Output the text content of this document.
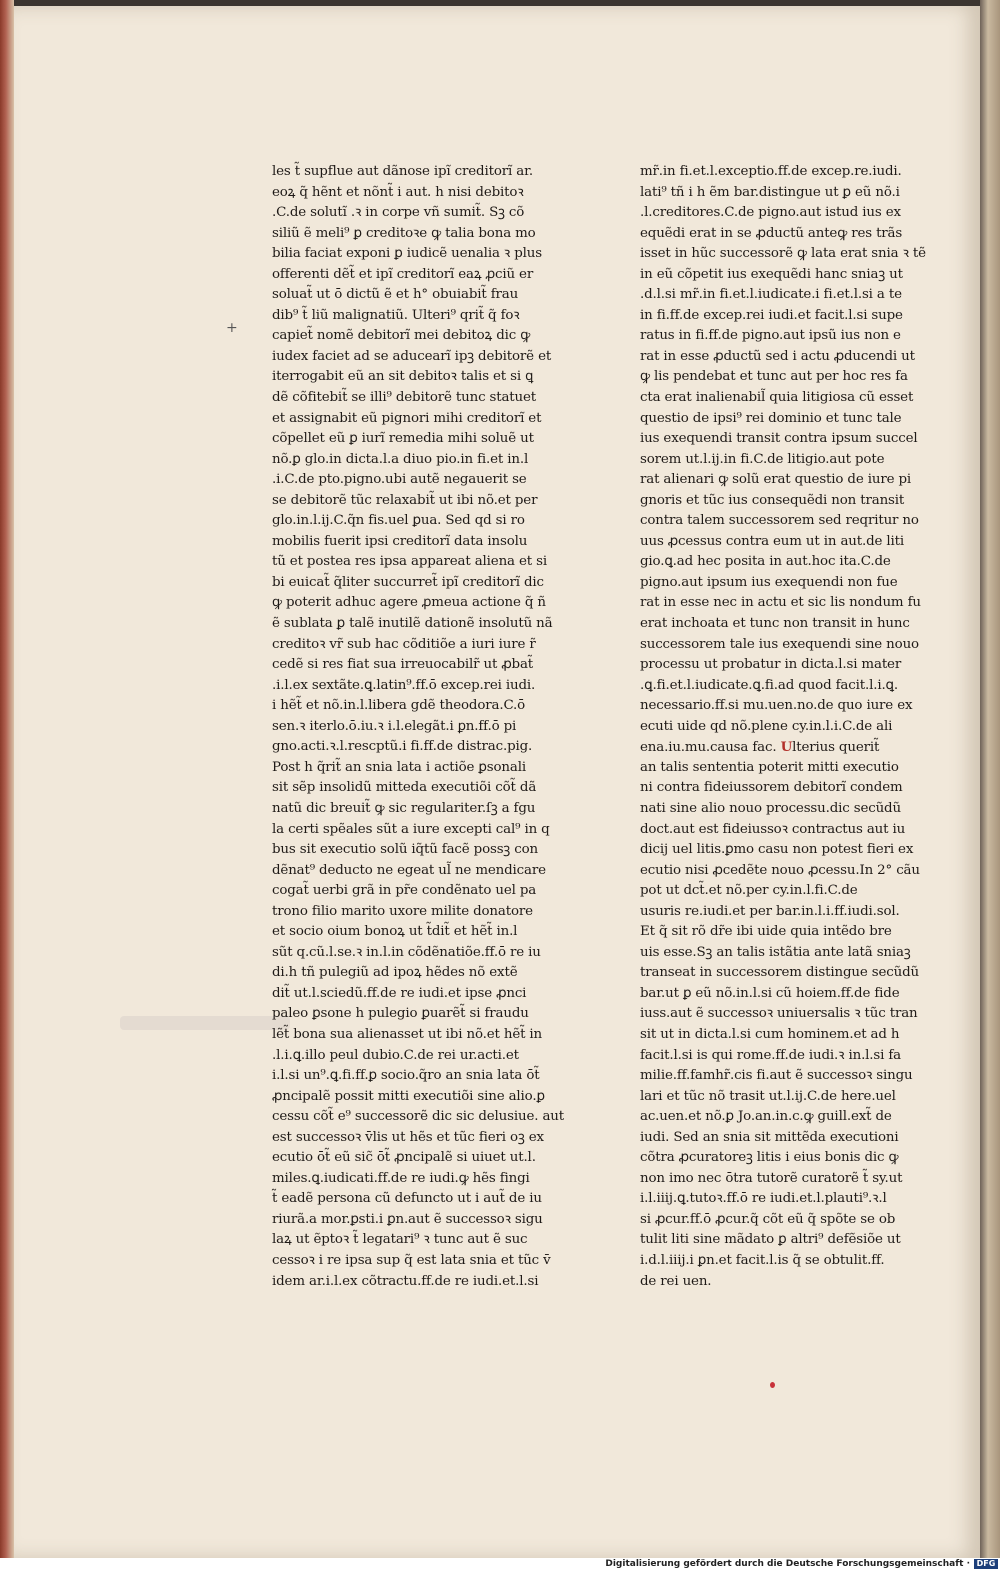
+
les t̃ supflue aut dãnose ipĩ creditorĩ ar.
eoꝝ q̃ hẽnt et nõnt̃ i aut. h nisi debitoꝛ
.C.de solutĩ .ꝛ in corpe vñ sumit̃. Sꝫ cõ
siliũ ẽ meli⁹ ꝑ creditoꝛe ꝙ talia bona mo
bilia faciat exponi ꝑ iudicẽ uenalia ꝛ plus
offerenti dẽt̃ et ipĩ creditorĩ eaꝝ ꝓciũ er
soluat̃ ut ō dictũ ẽ et h° obuiabit̃ frau
dib⁹ t̃ liũ malignatiũ. Ulteri⁹ qrit̃ q̃ foꝛ
capiet̃ nomẽ debitorĩ mei debitoꝝ dic ꝙ
iudex faciet ad se aducearĩ ipꝫ debitorẽ et
iterrogabit eũ an sit debitoꝛ talis et si ꝗ
dẽ cõfitebit̃ se illi⁹ debitorẽ tunc statuet
et assignabit eũ pignori mihi creditorĩ et
cõpellet eũ ꝑ iurĩ remedia mihi soluẽ ut
nõ.ꝑ glo.in dicta.l.a diuo pio.in fi.et in.l
.i.C.de pto.pigno.ubi autẽ negauerit se
se debitorẽ tũc relaxabit̃ ut ibi nõ.et per
glo.in.l.ij.C.q̃n fis.uel ꝑua. Sed qd si ro
mobilis fuerit ipsi creditorĩ data insolu
tũ et postea res ipsa appareat aliena et si
bi euicat̃ q̃liter succurret̃ ipĩ creditorĩ dic
ꝙ poterit adhuc agere ꝓmeua actione q̃ ñ
ẽ sublata ꝑ talẽ inutilẽ dationẽ insolutũ nã
creditoꝛ vr̃ sub hac cõditiõe a iuri iure r̃
cedẽ si res fiat sua irreuocabilr̃ ut ꝓbat̃
.i.l.ex sextãte.ꝗ.latin⁹.ff.ō excep.rei iudi.
i hẽt̃ et nõ.in.l.libera gdẽ theodora.C.ō
sen.ꝛ iterlo.ō.iu.ꝛ i.l.elegãt.i ꝑn.ff.ō pi
gno.acti.ꝛ.l.rescptũ.i fi.ff.de distrac.pig.
Post h q̃rit̃ an snia lata i actiõe ꝑsonali
sit sẽp insolidũ mitteda executiõi cõt̃ dã
natũ dic breuit̃ ꝙ sic regulariter.ſꝫ a fgu
la certi spẽales sũt a iure excepti cal⁹ in q
bus sit executio solũ iq̃tũ facẽ possꝫ con
dẽnat⁹ deducto ne egeat ul̃ ne mendicare
cogat̃ uerbi grã in pr̃e condẽnato uel pa
trono filio marito uxore milite donatore
et socio oium bonoꝝ ut t̃dit̃ et hẽt̃ in.l
sũt q.cũ.l.se.ꝛ in.l.in cõdẽnatiõe.ff.ō re iu
di.h tñ pulegiũ ad ipoꝝ hẽdes nõ extẽ
dit̃ ut.l.sciedũ.ff.de re iudi.et ipse ꝓnci
paleo ꝑsone h pulegio ꝑuarẽt̃ si fraudu
lẽt̃ bona sua alienasset ut ibi nõ.et hẽt̃ in
.l.i.ꝗ.illo peul dubio.C.de rei ur.acti.et
i.l.si un⁹.ꝗ.fi.ff.ꝑ socio.q̃ro an snia lata ōt̃
ꝓncipalẽ possit mitti executiõi sine alio.ꝑ
cessu cõt̃ e⁹ successorẽ dic sic delusiue. aut
est successoꝛ v̄lis ut hẽs et tũc fieri oꝫ ex
ecutio ōt̃ eũ sic̃ ōt̃ ꝓncipalẽ si uiuet ut.l.
miles.ꝗ.iudicati.ff.de re iudi.ꝙ hẽs fingi
t̃ eadẽ persona cũ defuncto ut i aut̃ de iu
riurã.a mor.ꝑsti.i ꝑn.aut ẽ successoꝛ sigu
laꝝ ut ẽptoꝛ t̃ legatari⁹ ꝛ tunc aut ẽ suc
cessoꝛ i re ipsa sup q̃ est lata snia et tũc v̄
idem ar.i.l.ex cõtractu.ff.de re iudi.et.l.si
mr̃.in fi.et.l.exceptio.ff.de excep.re.iudi.
lati⁹ tñ i h ẽm bar.distingue ut ꝑ eũ nõ.i
.l.creditores.C.de pigno.aut istud ius ex
equẽdi erat in se ꝓductũ anteꝙ res trãs
isset in hũc successorẽ ꝙ lata erat snia ꝛ tẽ
in eũ cõpetit ius exequẽdi hanc sniaꝫ ut
.d.l.si mr̃.in fi.et.l.iudicate.i fi.et.l.si a te
in fi.ff.de excep.rei iudi.et facit.l.si supe
ratus in fi.ff.de pigno.aut ipsũ ius non e
rat in esse ꝓductũ sed i actu ꝓducendi ut
ꝙ lis pendebat et tunc aut per hoc res fa
cta erat inalienabil̃ quia litigiosa cũ esset
questio de ipsi⁹ rei dominio et tunc tale
ius exequendi transit contra ipsum succel
sorem ut.l.ij.in fi.C.de litigio.aut pote
rat alienari ꝙ solũ erat questio de iure pi
gnoris et tũc ius consequẽdi non transit
contra talem successorem sed reqritur no
uus ꝓcessus contra eum ut in aut.de liti
gio.ꝗ.ad hec posita in aut.hoc ita.C.de
pigno.aut ipsum ius exequendi non fue
rat in esse nec in actu et sic lis nondum fu
erat inchoata et tunc non transit in hunc
successorem tale ius exequendi sine nouo
processu ut probatur in dicta.l.si mater
.ꝗ.fi.et.l.iudicate.ꝗ.fi.ad quod facit.l.i.ꝗ.
necessario.ff.si mu.uen.no.de quo iure ex
ecuti uide qd nõ.plene cy.in.l.i.C.de ali
ena.iu.mu.causa fac. Ulterius querit̃
an talis sententia poterit mitti executio
ni contra fideiussorem debitorĩ condem
nati sine alio nouo processu.dic secũdũ
doct.aut est fideiussoꝛ contractus aut iu
dicij uel litis.ꝑmo casu non potest fieri ex
ecutio nisi ꝓcedẽte nouo ꝓcessu.In 2° cãu
pot ut dct̃.et nõ.per cy.in.l.fi.C.de
usuris re.iudi.et per bar.in.l.i.ff.iudi.sol.
Et q̃ sit rõ dr̃e ibi uide quia intẽdo bre
uis esse.Sꝫ an talis istãtia ante latã sniaꝫ
transeat in successorem distingue secũdũ
bar.ut ꝑ eũ nõ.in.l.si cũ hoiem.ff.de fide
iuss.aut ẽ successoꝛ uniuersalis ꝛ tũc tran
sit ut in dicta.l.si cum hominem.et ad h
facit.l.si is qui rome.ff.de iudi.ꝛ in.l.si fa
milie.ff.famhr̃.cis fi.aut ẽ successoꝛ singu
lari et tũc nõ trasit ut.l.ij.C.de here.uel
ac.uen.et nõ.ꝑ Jo.an.in.c.ꝙ guill.ext̃ de
iudi. Sed an snia sit mittẽda executioni
cõtra ꝓcuratoreꝫ litis i eius bonis dic ꝙ
non imo nec ōtra tutorẽ curatorẽ t̃ sy.ut
i.l.iiij.ꝗ.tutoꝛ.ff.ō re iudi.et.l.plauti⁹.ꝛ.l
si ꝓcur.ff.ō ꝓcur.q̃ cõt eũ q̃ spõte se ob
tulit liti sine mãdato ꝑ altri⁹ defẽsiõe ut
i.d.l.iiij.i ꝑn.et facit.l.is q̃ se obtulit.ff.
de rei uen.
Digitalisierung gefördert durch die Deutsche Forschungsgemeinschaft · DFG
